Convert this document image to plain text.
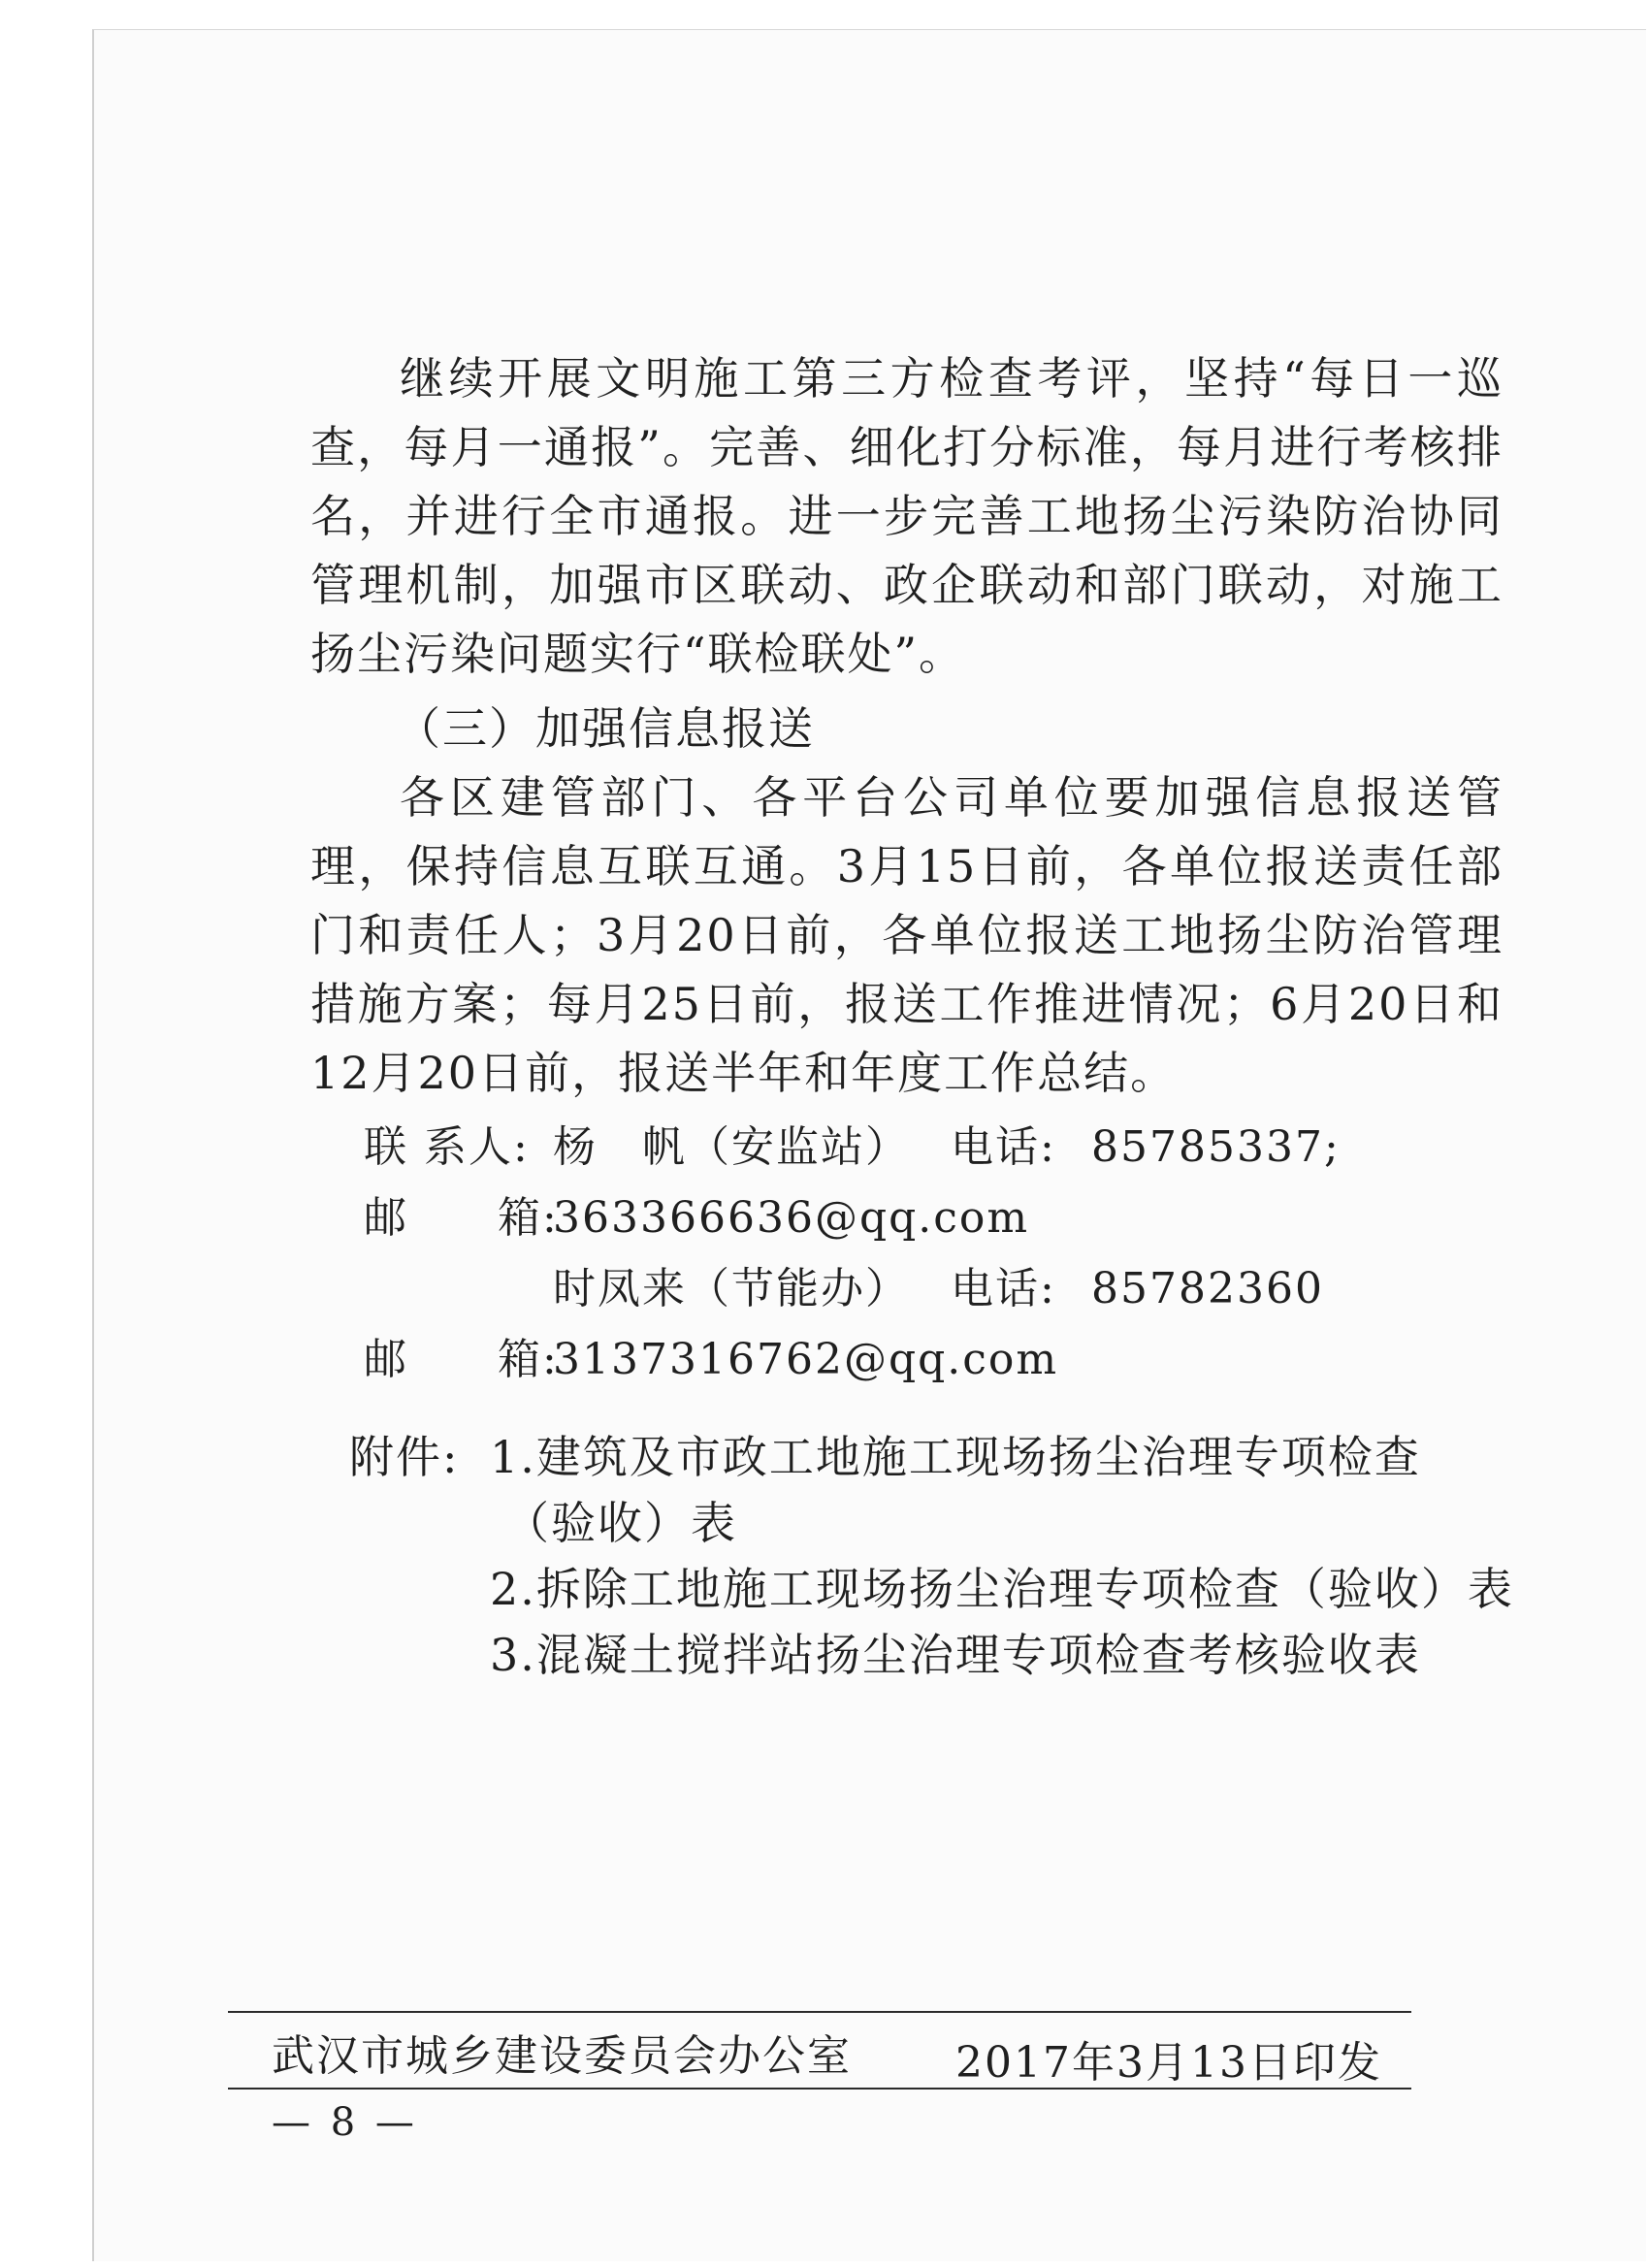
继续开展文明施工第三方检查考评，坚持“每日一巡查，每月一通报”。完善、细化打分标准，每月进行考核排名，并进行全市通报。进一步完善工地扬尘污染防治协同管理机制，加强市区联动、政企联动和部门联动，对施工扬尘污染问题实行“联检联处”。

（三）加强信息报送

各区建管部门、各平台公司单位要加强信息报送管理，保持信息互联互通。3月15日前，各单位报送责任部门和责任人；3月20日前，各单位报送工地扬尘防治管理措施方案；每月25日前，报送工作推进情况；6月20日和12月20日前，报送半年和年度工作总结。

联 系人: 杨　帆（安监站） 电话: 85785337;
邮　　箱:
363366636@qq.com
时凤来（节能办） 电话: 85782360
邮　　箱:
3137316762@qq.com
附件: 1.建筑及市政工地施工现场扬尘治理专项检查
（验收）表
2.拆除工地施工现场扬尘治理专项检查（验收）表
3.混凝土搅拌站扬尘治理专项检查考核验收表
武汉市城乡建设委员会办公室 2017年3月13日印发
— 8 —
